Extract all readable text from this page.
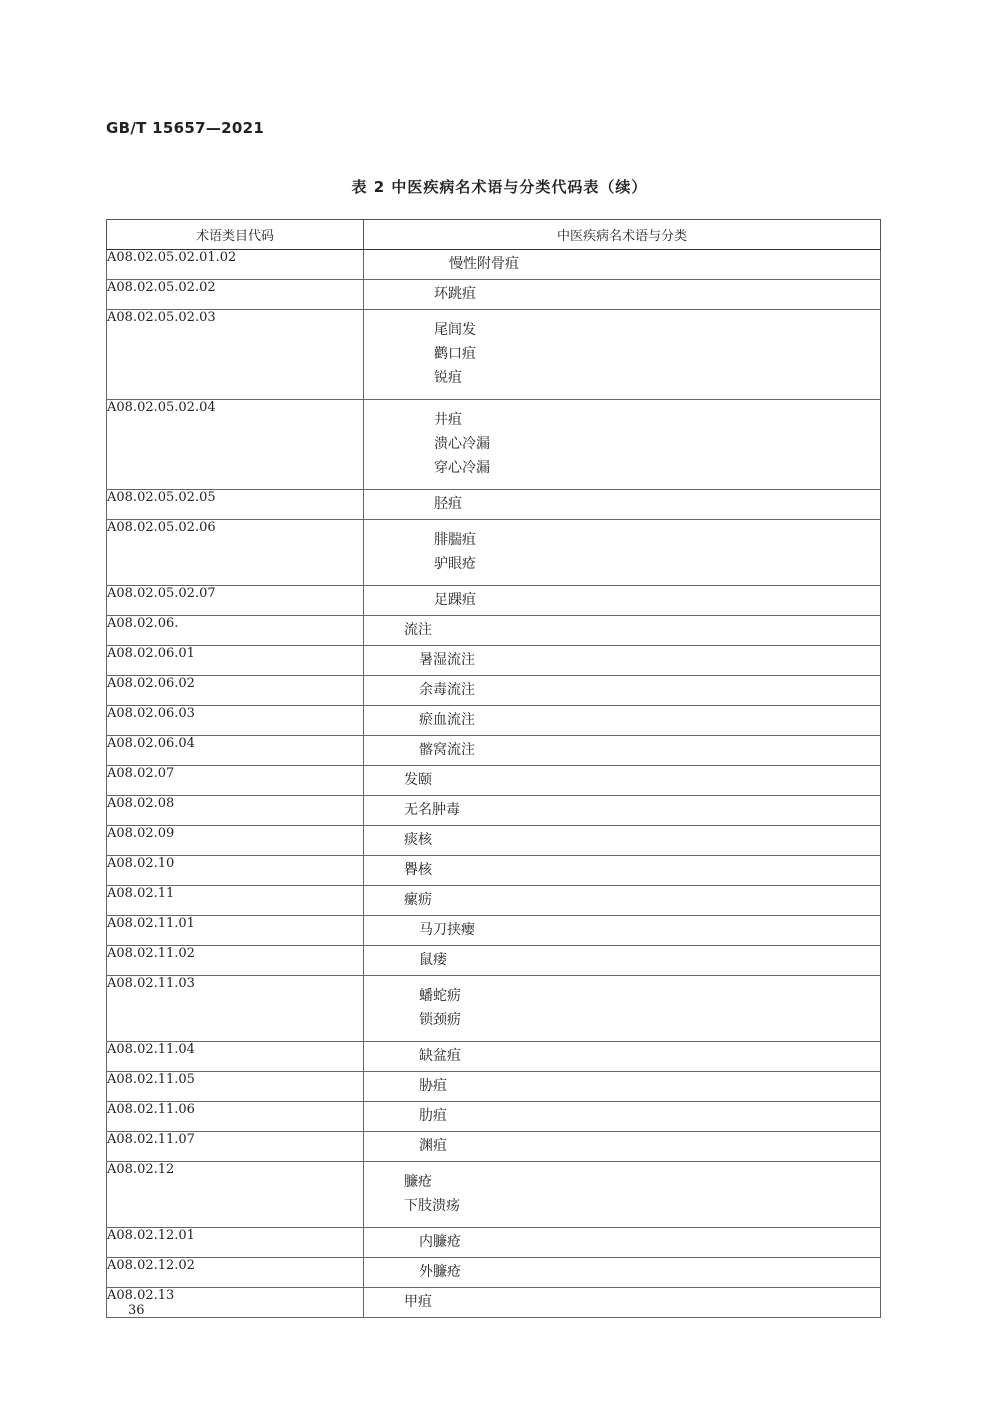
GB/T 15657—2021
表 2 中医疾病名术语与分类代码表（续）
术语类目代码	中医疾病名术语与分类
A08.02.05.02.01.02	慢性附骨疽

A08.02.05.02.02	环跳疽

A08.02.05.02.03	尾闾发
鹳口疽
锐疽

A08.02.05.02.04	井疽
溃心冷漏
穿心冷漏

A08.02.05.02.05	胫疽

A08.02.05.02.06	腓腨疽
驴眼疮

A08.02.05.02.07	足踝疽

A08.02.06.	流注

A08.02.06.01	暑湿流注

A08.02.06.02	余毒流注

A08.02.06.03	瘀血流注

A08.02.06.04	髂窝流注

A08.02.07	发颐

A08.02.08	无名肿毒

A08.02.09	痰核

A08.02.10	臖核

A08.02.11	瘰疬

A08.02.11.01	马刀挟瘿

A08.02.11.02	鼠瘘

A08.02.11.03	蟠蛇疬
锁颈疬

A08.02.11.04	缺盆疽

A08.02.11.05	胁疽

A08.02.11.06	肋疽

A08.02.11.07	渊疽

A08.02.12	臁疮
下肢溃疡

A08.02.12.01	内臁疮

A08.02.12.02	外臁疮

A08.02.13	甲疽
36
